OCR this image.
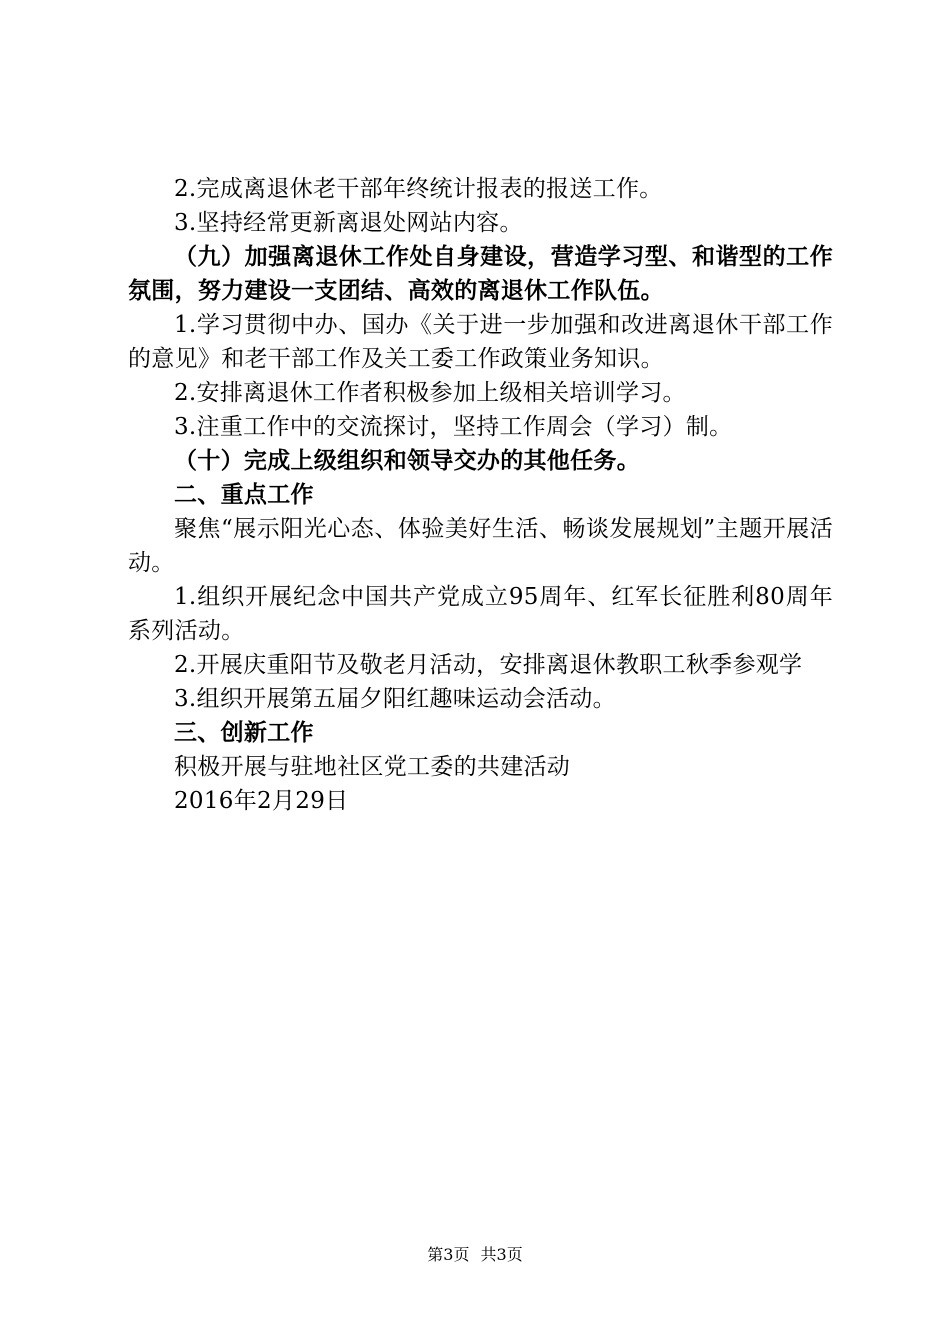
2.完成离退休老干部年终统计报表的报送工作。

3.坚持经常更新离退处网站内容。

（九）加强离退休工作处自身建设，营造学习型、和谐型的工作氛围，努力建设一支团结、高效的离退休工作队伍。

1.学习贯彻中办、国办《关于进一步加强和改进离退休干部工作的意见》和老干部工作及关工委工作政策业务知识。

2.安排离退休工作者积极参加上级相关培训学习。

3.注重工作中的交流探讨，坚持工作周会（学习）制。

（十）完成上级组织和领导交办的其他任务。

二、重点工作

聚焦“展示阳光心态、体验美好生活、畅谈发展规划”主题开展活动。

1.组织开展纪念中国共产党成立95周年、红军长征胜利80周年系列活动。

2.开展庆重阳节及敬老月活动，安排离退休教职工秋季参观学

3.组织开展第五届夕阳红趣味运动会活动。

三、创新工作

积极开展与驻地社区党工委的共建活动

2016年2月29日

第3页 共3页
